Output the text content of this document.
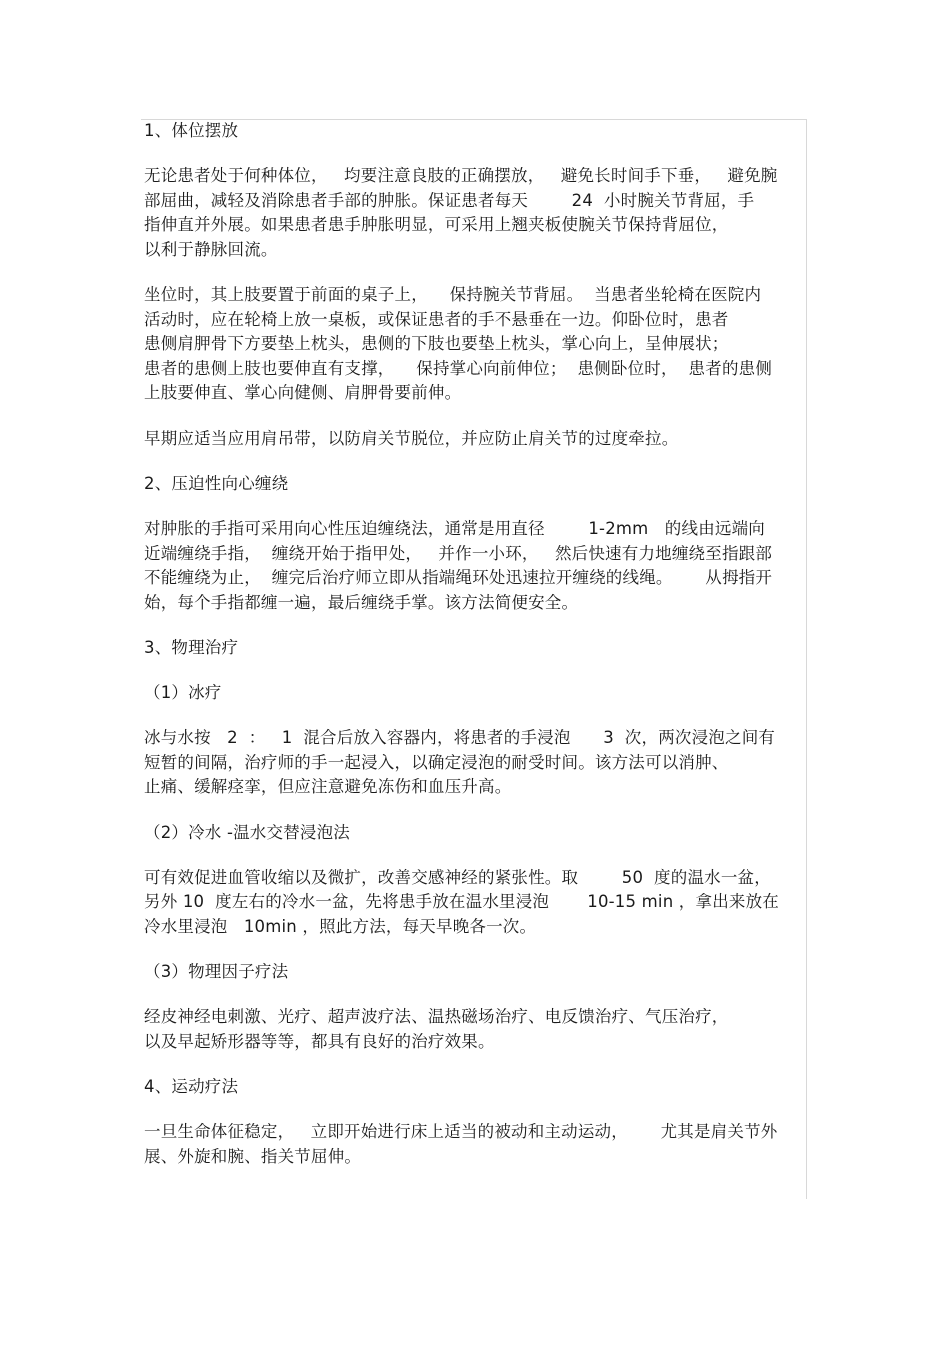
1、体位摆放
无论患者处于何种体位，   均要注意良肢的正确摆放，   避免长时间手下垂，   避免腕
部屈曲，减轻及消除患者手部的肿胀。保证患者每天        24  小时腕关节背屈，手
指伸直并外展。如果患者患手肿胀明显，可采用上翘夹板使腕关节保持背屈位，
以利于静脉回流。
坐位时，其上肢要置于前面的桌子上，    保持腕关节背屈。  当患者坐轮椅在医院内
活动时，应在轮椅上放一桌板，或保证患者的手不悬垂在一边。仰卧位时，患者
患侧肩胛骨下方要垫上枕头，患侧的下肢也要垫上枕头，掌心向上，呈伸展状；
患者的患侧上肢也要伸直有支撑，    保持掌心向前伸位；  患侧卧位时，  患者的患侧
上肢要伸直、掌心向健侧、肩胛骨要前伸。
早期应适当应用肩吊带，以防肩关节脱位，并应防止肩关节的过度牵拉。
2、压迫性向心缠绕
对肿胀的手指可采用向心性压迫缠绕法，通常是用直径        1-2mm   的线由远端向
近端缠绕手指，  缠绕开始于指甲处，   并作一小环，   然后快速有力地缠绕至指跟部
不能缠绕为止，  缠完后治疗师立即从指端绳环处迅速拉开缠绕的线绳。      从拇指开
始，每个手指都缠一遍，最后缠绕手掌。该方法简便安全。
3、物理治疗
（1）冰疗
冰与水按   2  ：   1  混合后放入容器内，将患者的手浸泡      3  次，两次浸泡之间有
短暂的间隔，治疗师的手一起浸入，以确定浸泡的耐受时间。该方法可以消肿、
止痛、缓解痉挛，但应注意避免冻伤和血压升高。
（2）冷水 -温水交替浸泡法
可有效促进血管收缩以及微扩，改善交感神经的紧张性。取        50  度的温水一盆，
另外 10  度左右的冷水一盆，先将患手放在温水里浸泡       10-15 min ，拿出来放在
冷水里浸泡   10min ，照此方法，每天早晚各一次。
（3）物理因子疗法
经皮神经电刺激、光疗、超声波疗法、温热磁场治疗、电反馈治疗、气压治疗，
以及早起矫形器等等，都具有良好的治疗效果。
4、运动疗法
一旦生命体征稳定，   立即开始进行床上适当的被动和主动运动，      尤其是肩关节外
展、外旋和腕、指关节屈伸。
